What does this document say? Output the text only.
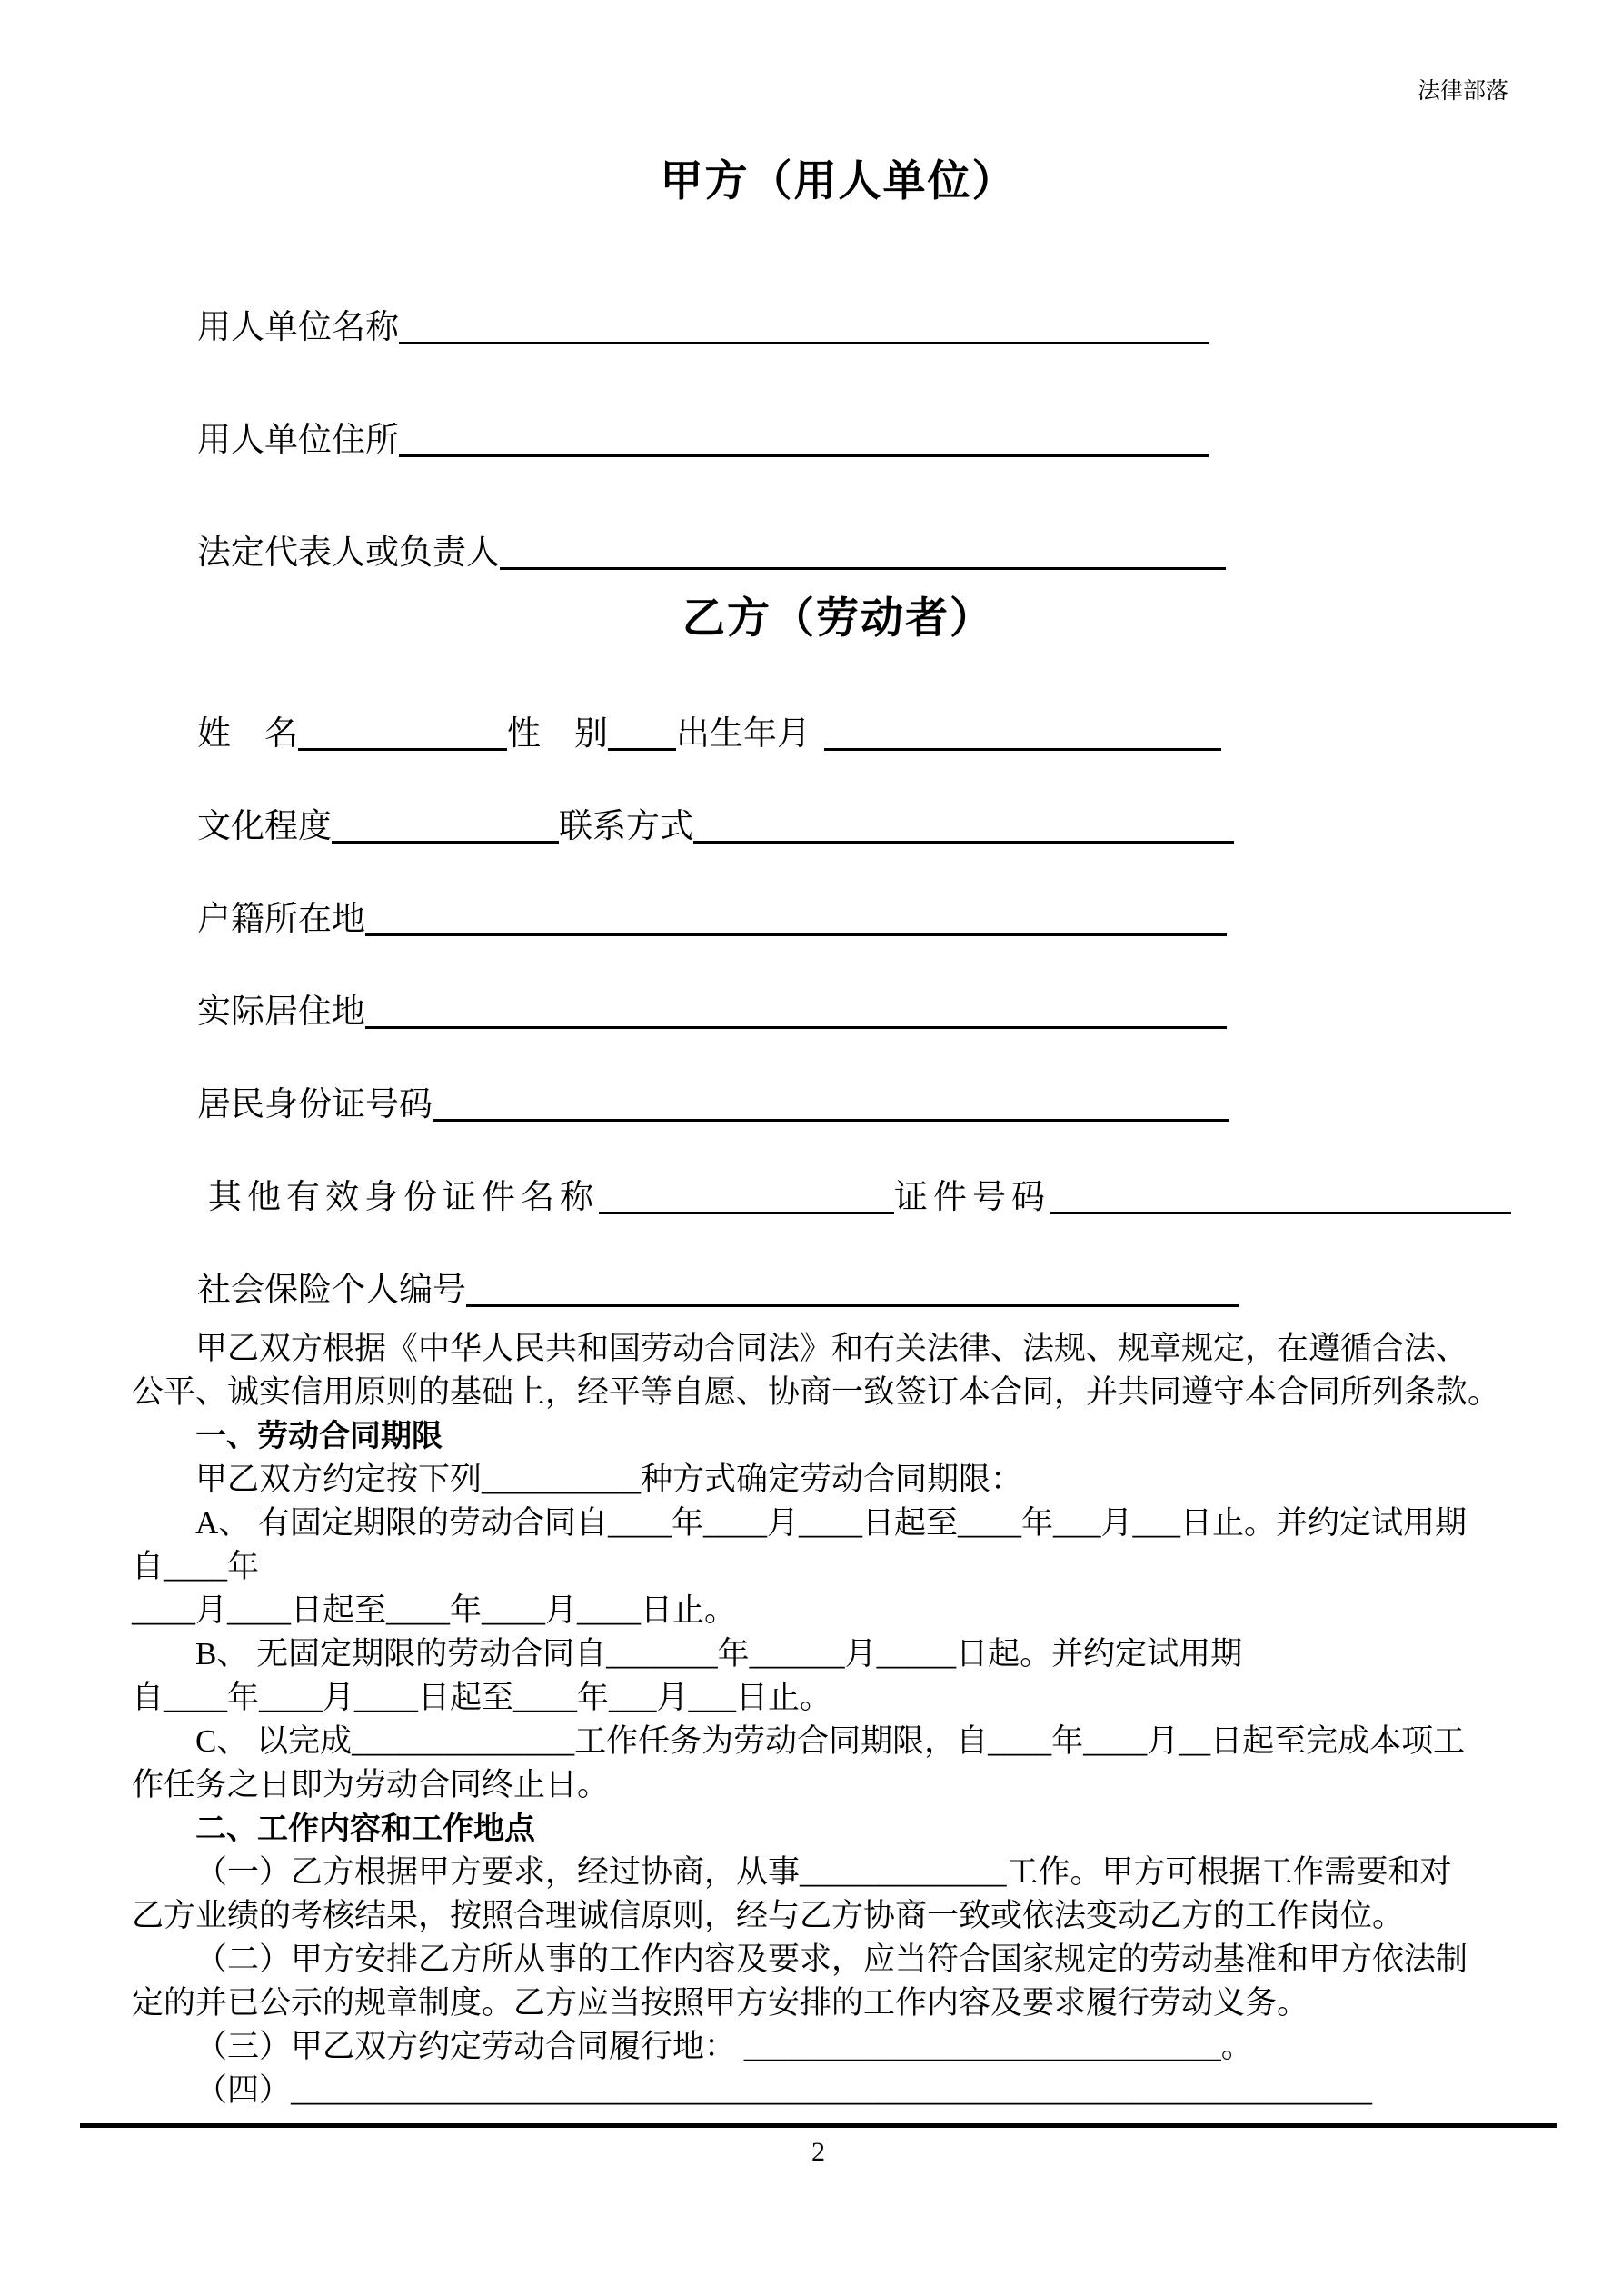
法律部落
甲方（用人单位）
用人单位名称
用人单位住所
法定代表人或负责人
乙方（劳动者）
姓　名	性　别 出生年月
文化程度	联系方式
户籍所在地
实际居住地
居民身份证号码
其他有效身份证件名称	证件号码
社会保险个人编号

甲乙双方根据《中华人民共和国劳动合同法》和有关法律、法规、规章规定，在遵循合法、

公平、诚实信用原则的基础上，经平等自愿、协商一致签订本合同，并共同遵守本合同所列条款。

一、劳动合同期限

甲乙双方约定按下列__________种方式确定劳动合同期限：

A、 有固定期限的劳动合同自____年____月____日起至____年___月___日止。并约定试用期

自____年

____月____日起至____年____月____日止。

B、 无固定期限的劳动合同自_______年______月_____日起。并约定试用期

自____年____月____日起至____年___月___日止。

C、 以完成______________工作任务为劳动合同期限，自____年____月__日起至完成本项工

作任务之日即为劳动合同终止日。

二、工作内容和工作地点

（一）乙方根据甲方要求，经过协商，从事_____________工作。甲方可根据工作需要和对

乙方业绩的考核结果，按照合理诚信原则，经与乙方协商一致或依法变动乙方的工作岗位。

（二）甲方安排乙方所从事的工作内容及要求，应当符合国家规定的劳动基准和甲方依法制

定的并已公示的规章制度。乙方应当按照甲方安排的工作内容及要求履行劳动义务。

（三）甲乙双方约定劳动合同履行地： ______________________________。

（四）____________________________________________________________________

2
